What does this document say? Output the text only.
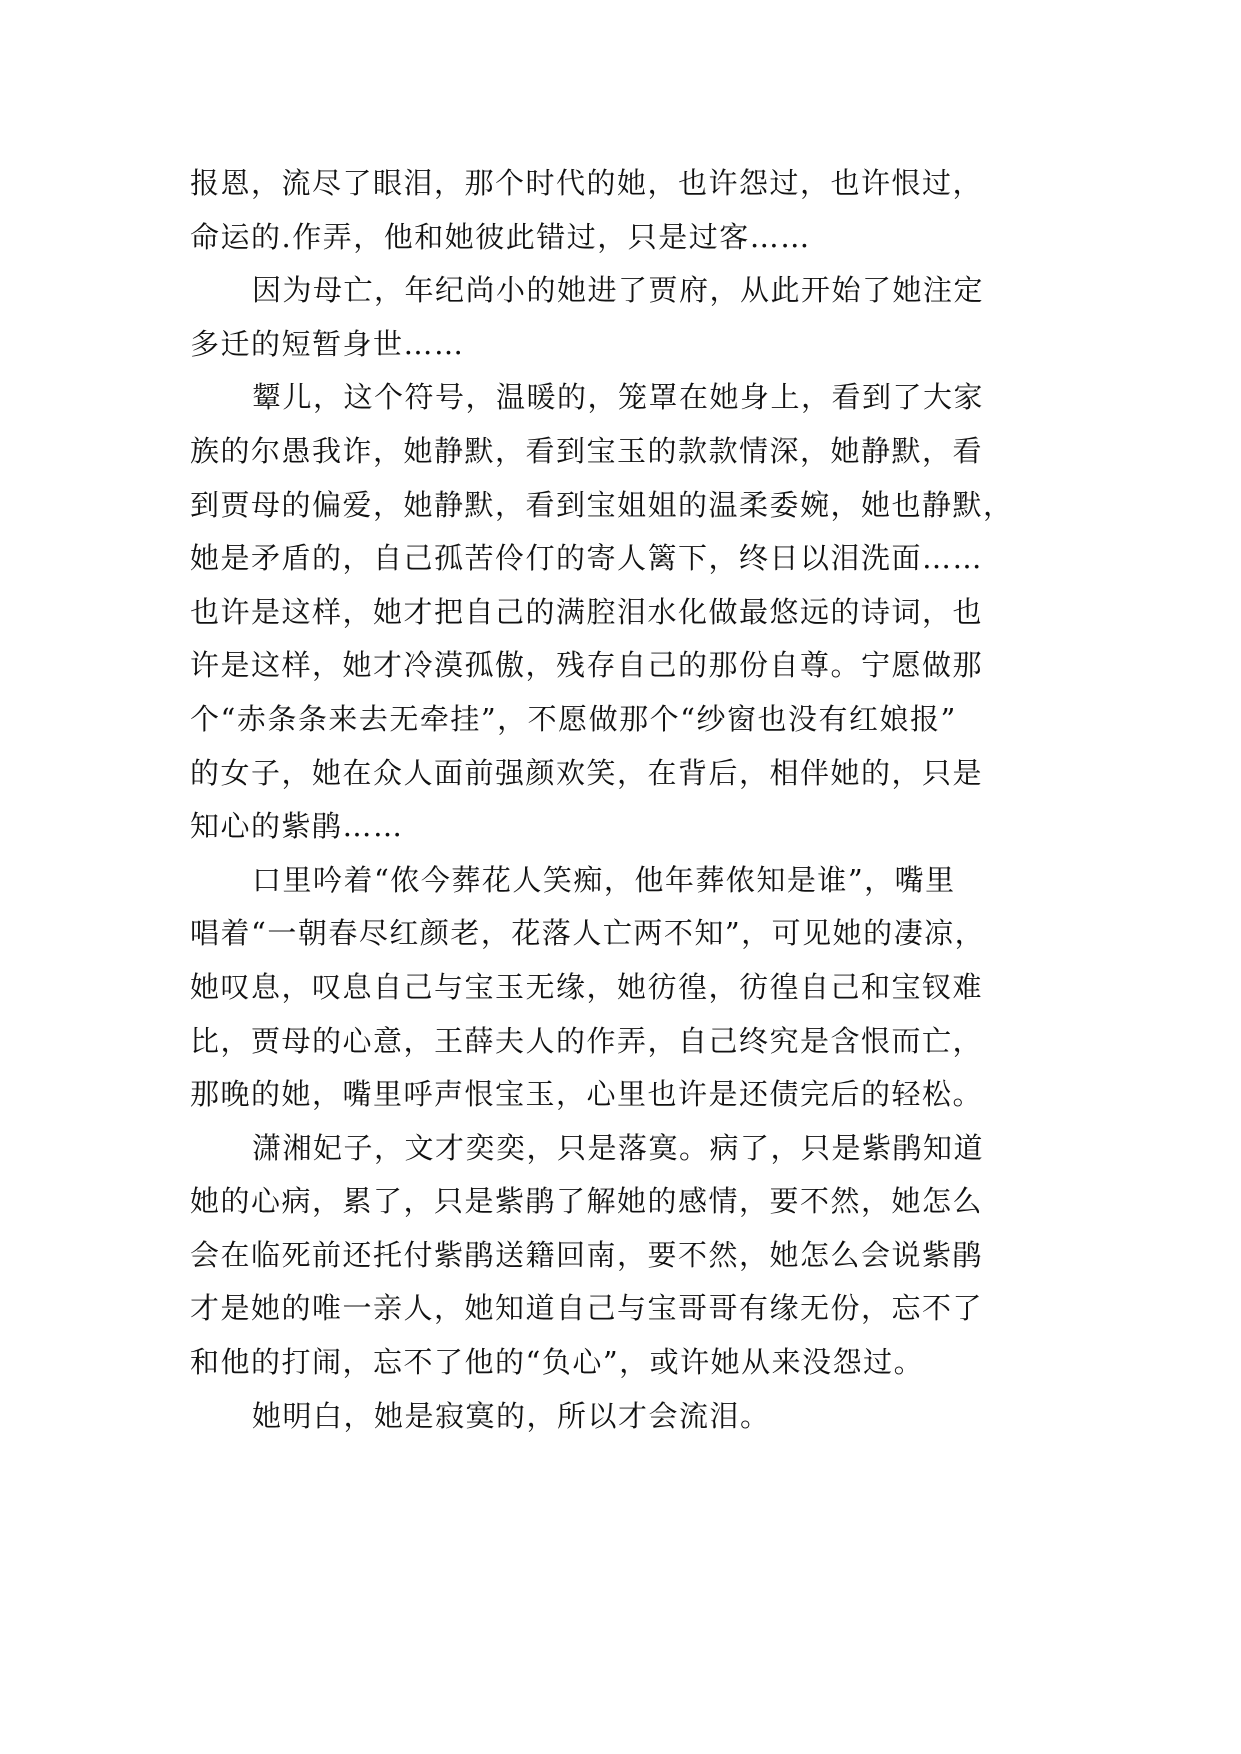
报恩，流尽了眼泪，那个时代的她，也许怨过，也许恨过，
命运的.作弄，他和她彼此错过，只是过客……
因为母亡，年纪尚小的她进了贾府，从此开始了她注定
多迁的短暂身世……
颦儿，这个符号，温暖的，笼罩在她身上，看到了大家
族的尔愚我诈，她静默，看到宝玉的款款情深，她静默，看
到贾母的偏爱，她静默，看到宝姐姐的温柔委婉，她也静默，
她是矛盾的，自己孤苦伶仃的寄人篱下，终日以泪洗面……
也许是这样，她才把自己的满腔泪水化做最悠远的诗词，也
许是这样，她才冷漠孤傲，残存自己的那份自尊。宁愿做那
个“赤条条来去无牵挂”，不愿做那个“纱窗也没有红娘报”
的女子，她在众人面前强颜欢笑，在背后，相伴她的，只是
知心的紫鹃……
口里吟着“侬今葬花人笑痴，他年葬侬知是谁”，嘴里
唱着“一朝春尽红颜老，花落人亡两不知”，可见她的凄凉，
她叹息，叹息自己与宝玉无缘，她彷徨，彷徨自己和宝钗难
比，贾母的心意，王薛夫人的作弄，自己终究是含恨而亡，
那晚的她，嘴里呼声恨宝玉，心里也许是还债完后的轻松。
潇湘妃子，文才奕奕，只是落寞。病了，只是紫鹃知道
她的心病，累了，只是紫鹃了解她的感情，要不然，她怎么
会在临死前还托付紫鹃送籍回南，要不然，她怎么会说紫鹃
才是她的唯一亲人，她知道自己与宝哥哥有缘无份，忘不了
和他的打闹，忘不了他的“负心”，或许她从来没怨过。
她明白，她是寂寞的，所以才会流泪。
